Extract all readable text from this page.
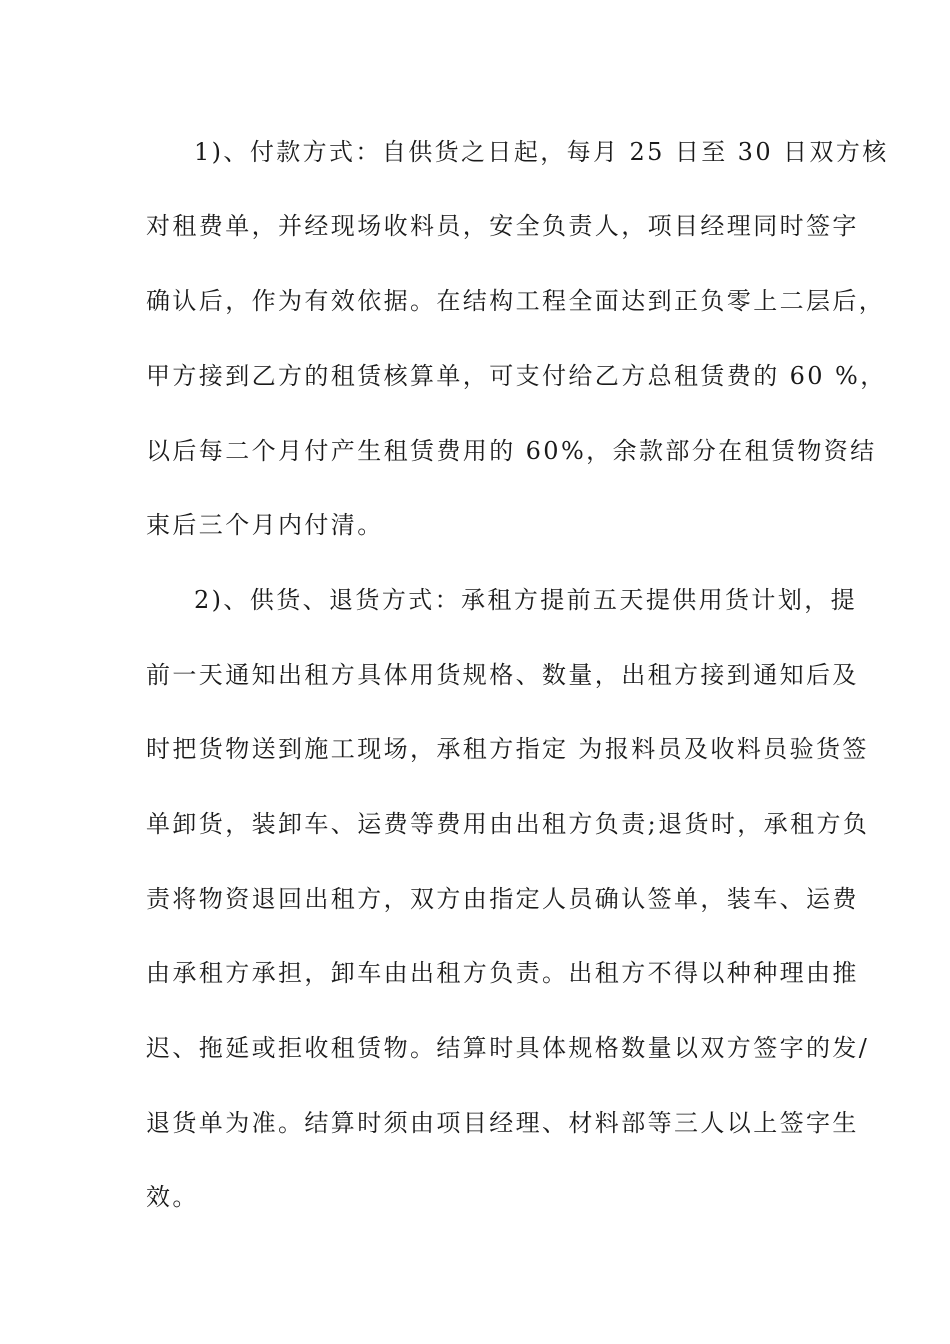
1)、付款方式：自供货之日起，每月 25 日至 30 日双方核
对租费单，并经现场收料员，安全负责人，项目经理同时签字
确认后，作为有效依据。在结构工程全面达到正负零上二层后，
甲方接到乙方的租赁核算单，可支付给乙方总租赁费的 60 %，
以后每二个月付产生租赁费用的 60%，余款部分在租赁物资结
束后三个月内付清。
2)、供货、退货方式：承租方提前五天提供用货计划，提
前一天通知出租方具体用货规格、数量，出租方接到通知后及
时把货物送到施工现场，承租方指定 为报料员及收料员验货签
单卸货，装卸车、运费等费用由出租方负责;退货时，承租方负
责将物资退回出租方，双方由指定人员确认签单，装车、运费
由承租方承担，卸车由出租方负责。出租方不得以种种理由推
迟、拖延或拒收租赁物。结算时具体规格数量以双方签字的发/
退货单为准。结算时须由项目经理、材料部等三人以上签字生
效。
